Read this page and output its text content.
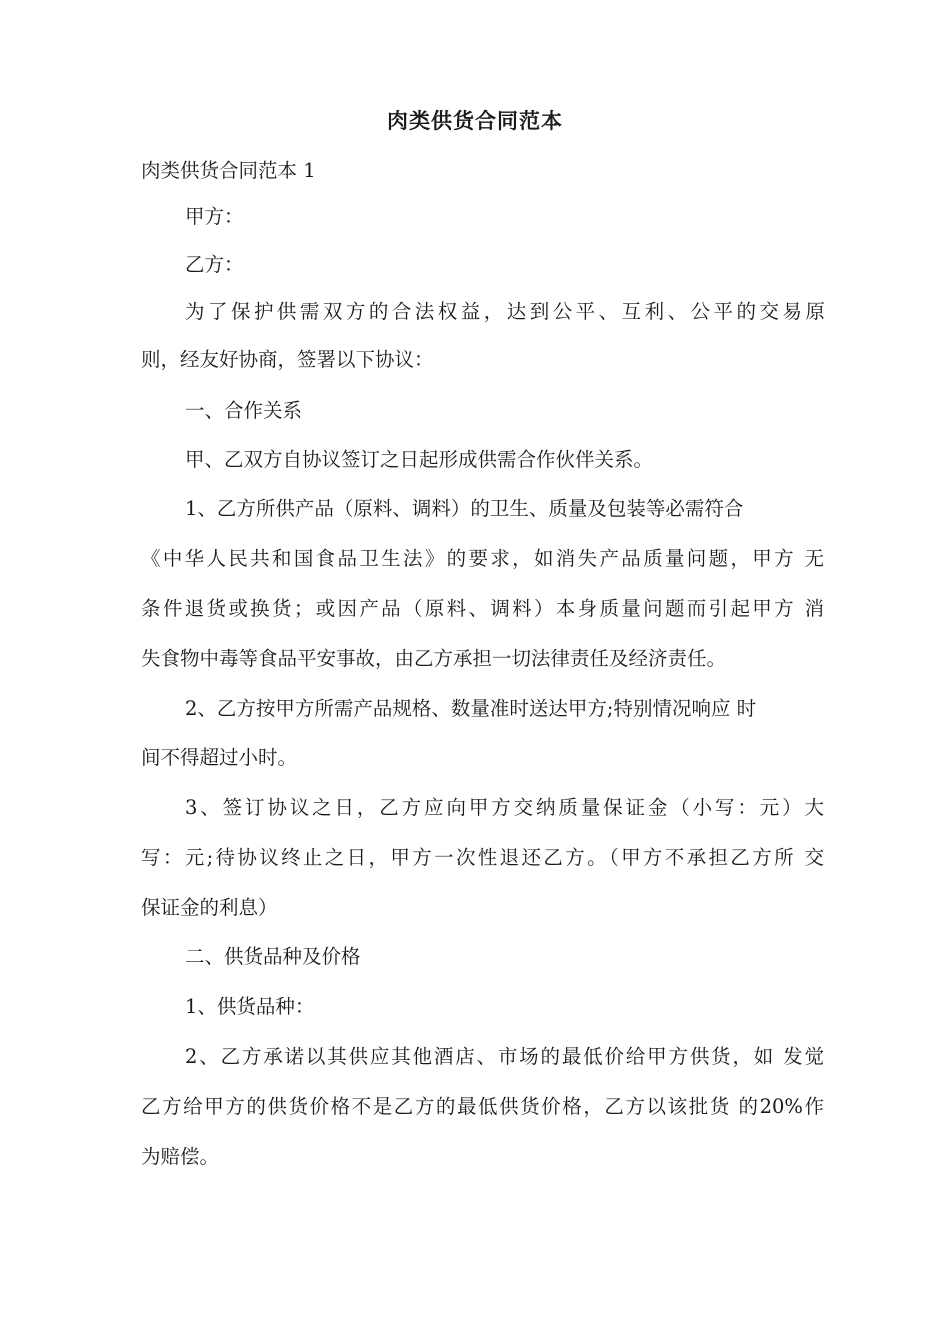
肉类供货合同范本
肉类供货合同范本 1
甲方：
乙方：
为了保护供需双方的合法权益，达到公平、互利、公平的交易原
则，经友好协商，签署以下协议：
一、合作关系
甲、乙双方自协议签订之日起形成供需合作伙伴关系。
1、乙方所供产品（原料、调料）的卫生、质量及包装等必需符合
《中华人民共和国食品卫生法》的要求，如消失产品质量问题，甲方 无
条件退货或换货；或因产品（原料、调料）本身质量问题而引起甲方 消
失食物中毒等食品平安事故，由乙方承担一切法律责任及经济责任。
2、乙方按甲方所需产品规格、数量准时送达甲方;特别情况响应 时
间不得超过小时。
3、签订协议之日，乙方应向甲方交纳质量保证金（小写：元）大
写：元;待协议终止之日，甲方一次性退还乙方。（甲方不承担乙方所 交
保证金的利息）
二、供货品种及价格
1、供货品种：
2、乙方承诺以其供应其他酒店、市场的最低价给甲方供货，如 发觉
乙方给甲方的供货价格不是乙方的最低供货价格，乙方以该批货 的20%作
为赔偿。
